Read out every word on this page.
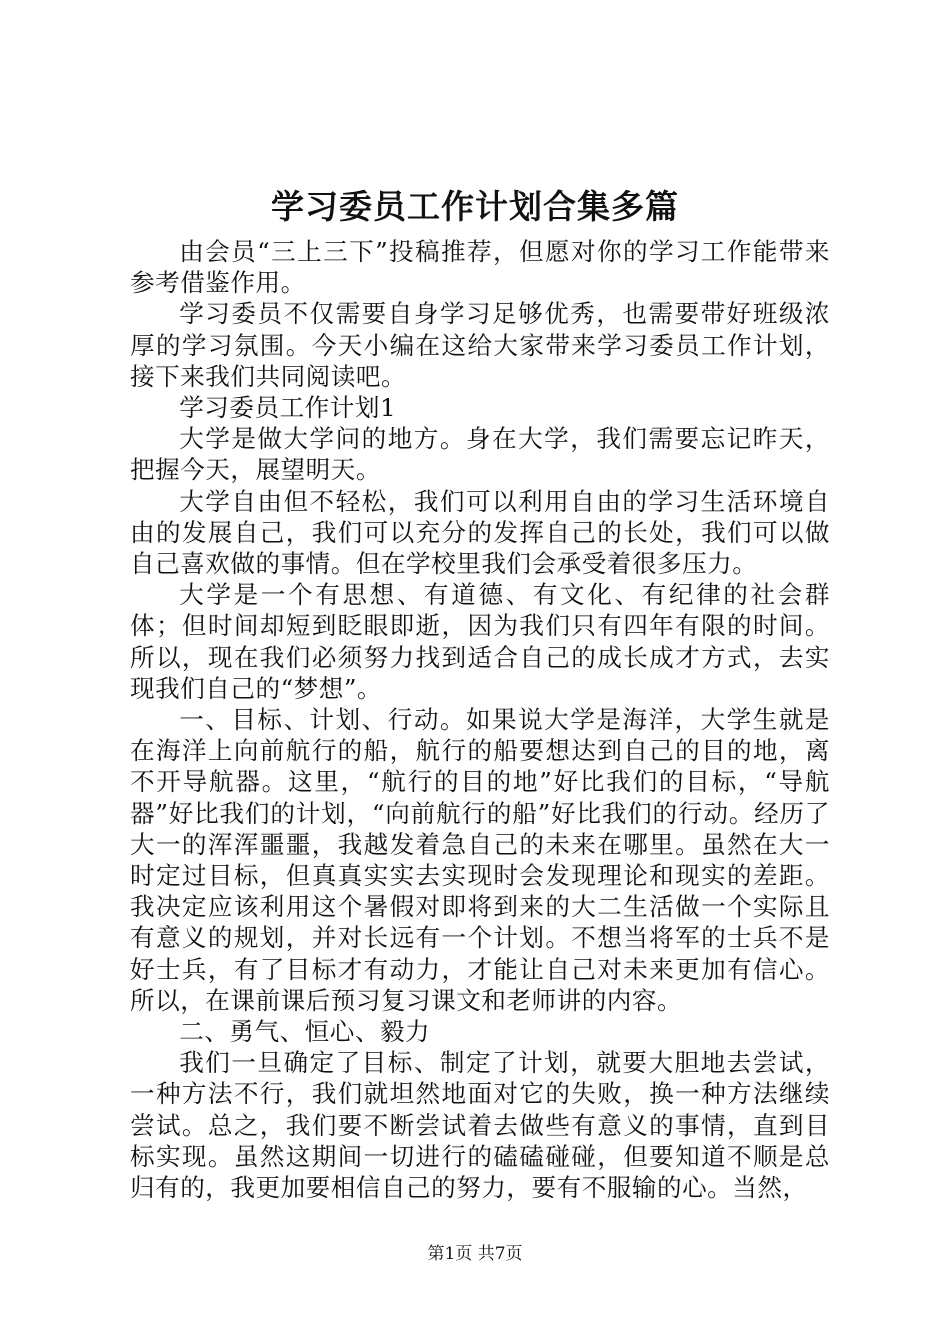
学习委员工作计划合集多篇

由会员“三上三下”投稿推荐，但愿对你的学习工作能带来参考借鉴作用。

学习委员不仅需要自身学习足够优秀，也需要带好班级浓厚的学习氛围。今天小编在这给大家带来学习委员工作计划，接下来我们共同阅读吧。

学习委员工作计划1

大学是做大学问的地方。身在大学，我们需要忘记昨天，把握今天，展望明天。

大学自由但不轻松，我们可以利用自由的学习生活环境自由的发展自己，我们可以充分的发挥自己的长处，我们可以做自己喜欢做的事情。但在学校里我们会承受着很多压力。

大学是一个有思想、有道德、有文化、有纪律的社会群体；但时间却短到眨眼即逝，因为我们只有四年有限的时间。所以，现在我们必须努力找到适合自己的成长成才方式，去实现我们自己的“梦想”。

一、目标、计划、行动。如果说大学是海洋，大学生就是在海洋上向前航行的船，航行的船要想达到自己的目的地，离不开导航器。这里，“航行的目的地”好比我们的目标，“导航器”好比我们的计划，“向前航行的船”好比我们的行动。经历了大一的浑浑噩噩，我越发着急自己的未来在哪里。虽然在大一时定过目标，但真真实实去实现时会发现理论和现实的差距。我决定应该利用这个暑假对即将到来的大二生活做一个实际且有意义的规划，并对长远有一个计划。不想当将军的士兵不是好士兵，有了目标才有动力，才能让自己对未来更加有信心。所以，在课前课后预习复习课文和老师讲的内容。

二、勇气、恒心、毅力

我们一旦确定了目标、制定了计划，就要大胆地去尝试，一种方法不行，我们就坦然地面对它的失败，换一种方法继续尝试。总之，我们要不断尝试着去做些有意义的事情，直到目标实现。虽然这期间一切进行的磕磕碰碰，但要知道不顺是总归有的，我更加要相信自己的努力，要有不服输的心。当然，

第1页 共7页
